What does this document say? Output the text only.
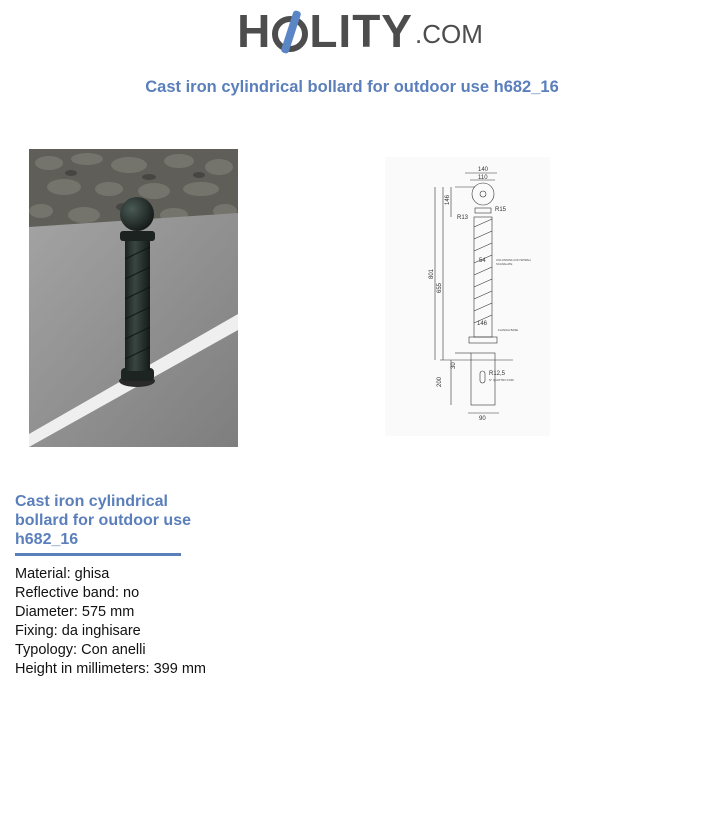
H LITY .COM
Cast iron cylindrical bollard for outdoor use h682_16
140
110
146
R13
R15
801
655
54
146
30
200
R12,5
90
COLONNINA CON SPIRALI
SCANALATE
FLANGIA BASE
N° QUATTRO FORI
Cast iron cylindrical bollard for outdoor use h682_16
Material: ghisa
Reflective band: no
Diameter: 575 mm
Fixing: da inghisare
Typology: Con anelli
Height in millimeters: 399 mm
